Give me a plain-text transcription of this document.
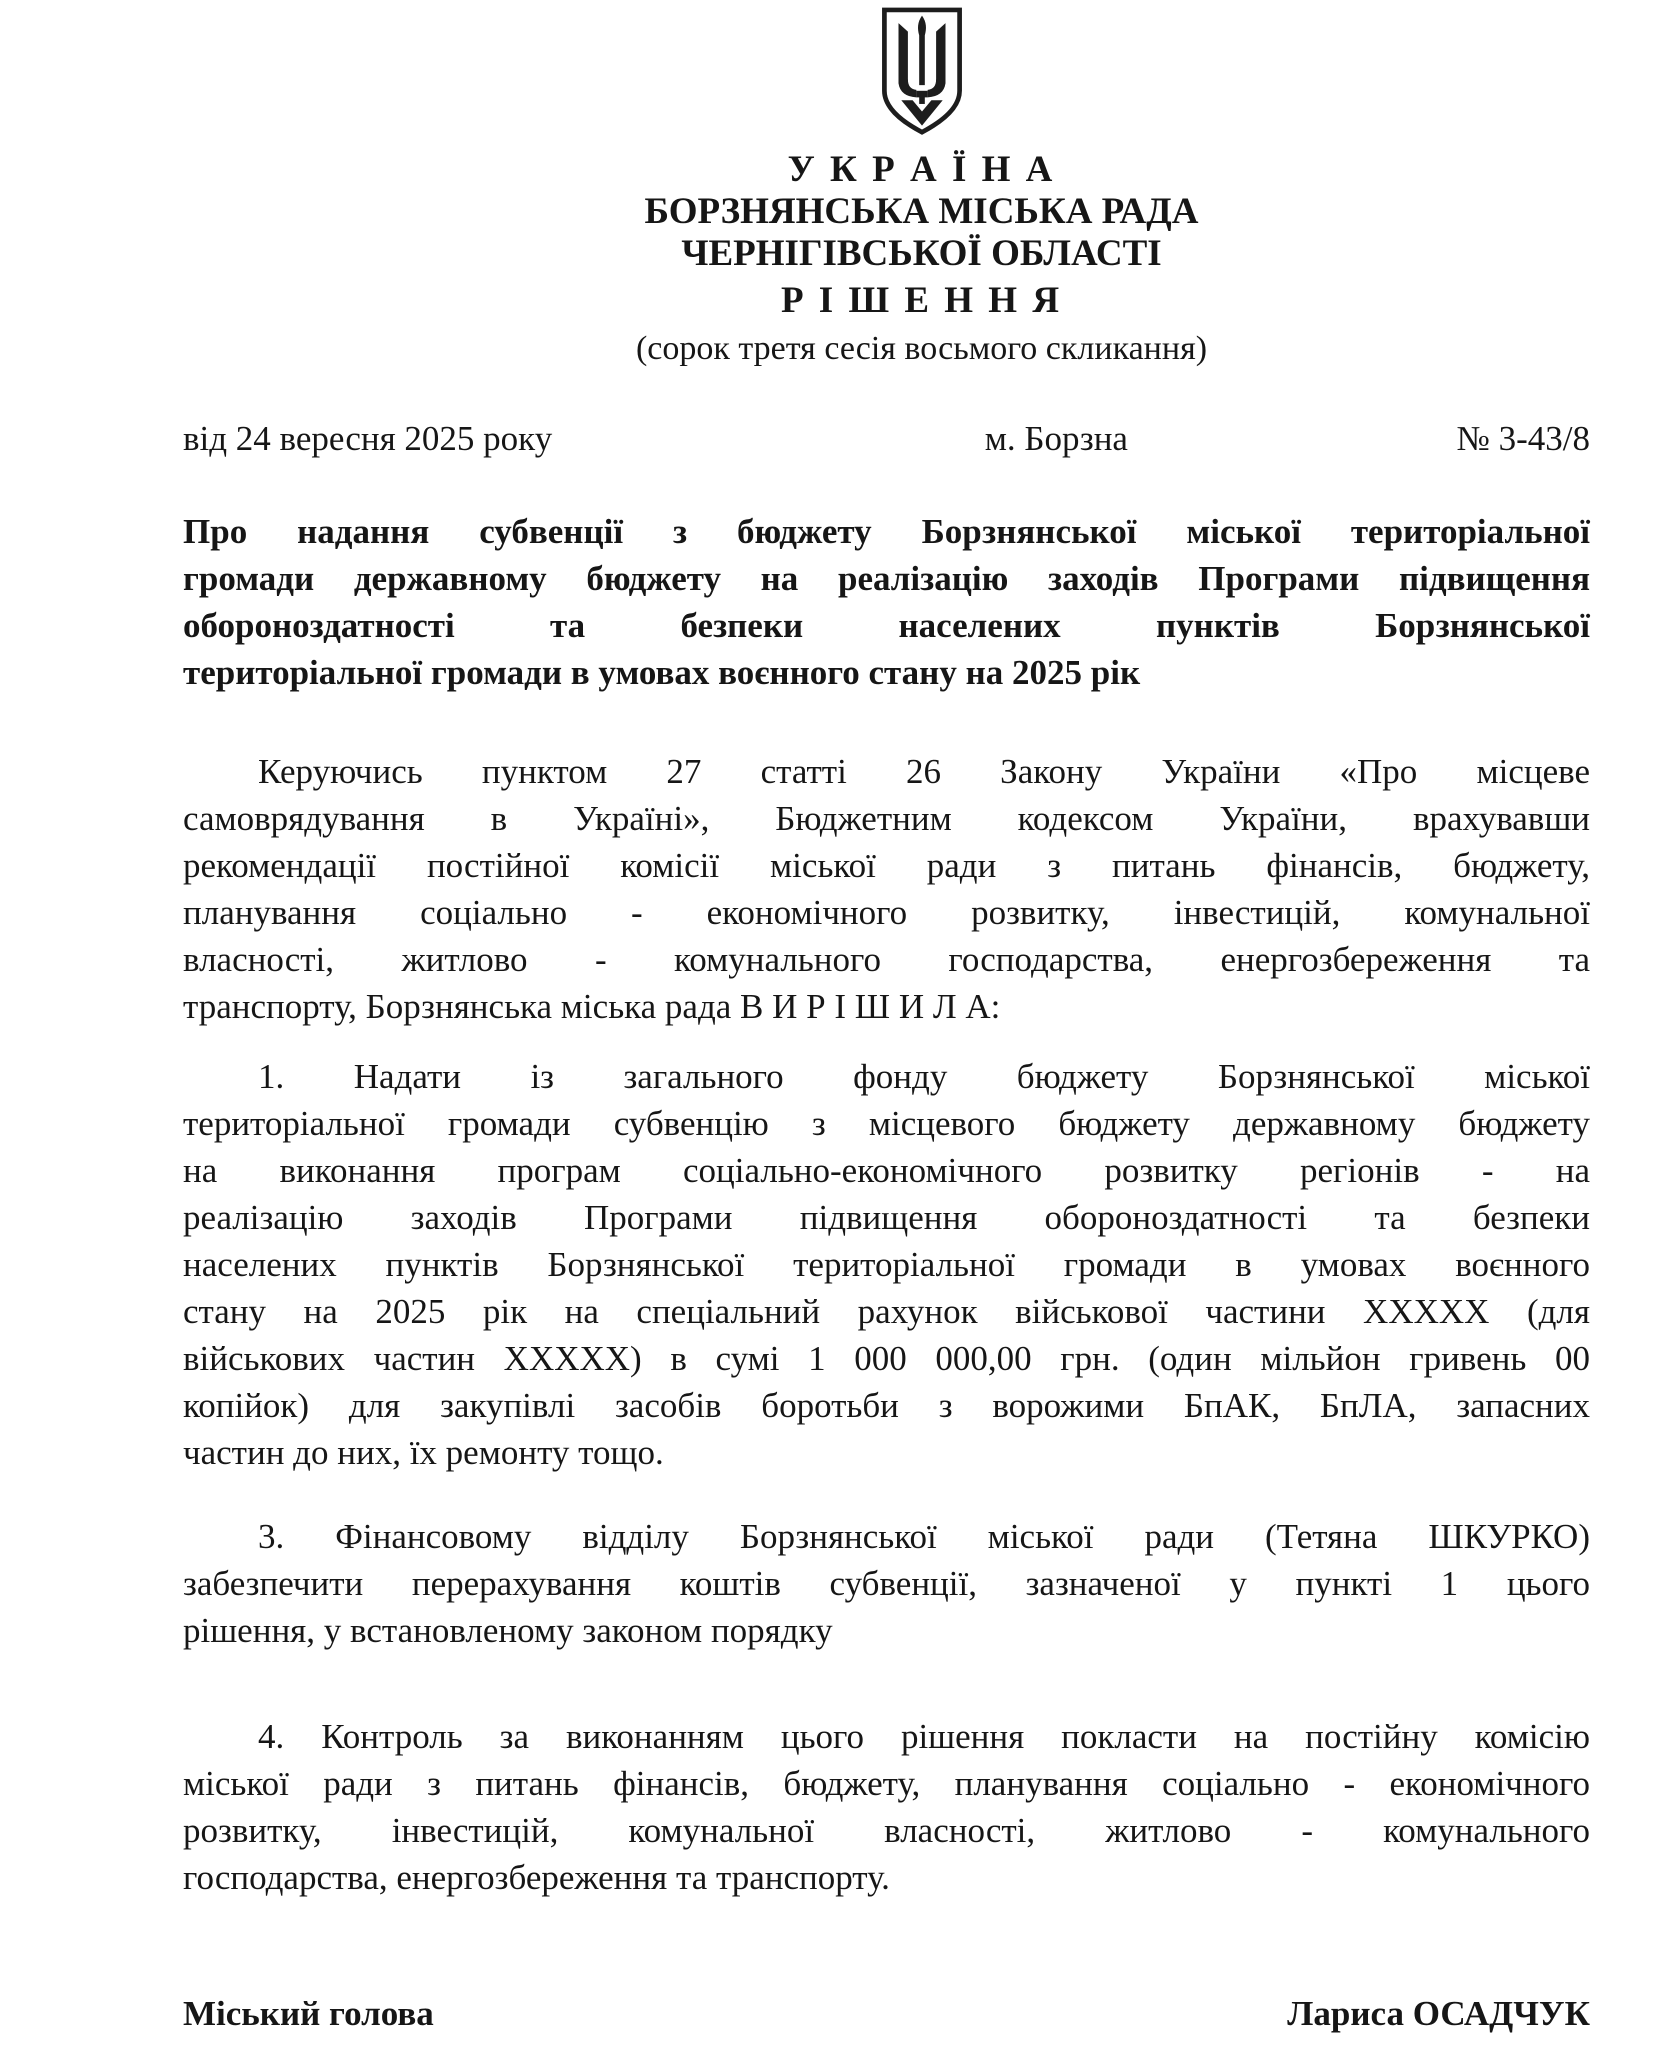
У К Р А Ї Н А
БОРЗНЯНСЬКА МІСЬКА РАДА
ЧЕРНІГІВСЬКОЇ ОБЛАСТІ
Р І Ш Е Н Н Я
(сорок третя сесія восьмого скликання)
від 24 вересня 2025 року	м. Борзна	№ 3-43/8
Про надання субвенції з бюджету Борзнянської міської територіальної
громади державному бюджету на реалізацію заходів Програми підвищення
обороноздатності та безпеки населених пунктів Борзнянської
територіальної громади в умовах воєнного стану на 2025 рік
Керуючись пунктом 27 статті 26 Закону України «Про місцеве
самоврядування в Україні», Бюджетним кодексом України, врахувавши
рекомендації постійної комісії міської ради з питань фінансів, бюджету,
планування соціально - економічного розвитку, інвестицій, комунальної
власності, житлово - комунального господарства, енергозбереження та
транспорту, Борзнянська міська рада В И Р І Ш И Л А:
1. Надати із загального фонду бюджету Борзнянської міської
територіальної громади субвенцію з місцевого бюджету державному бюджету
на виконання програм соціально-економічного розвитку регіонів - на
реалізацію заходів Програми підвищення обороноздатності та безпеки
населених пунктів Борзнянської територіальної громади в умовах воєнного
стану на 2025 рік на спеціальний рахунок військової частини ХХХХХ (для
військових частин ХХХХХ) в сумі 1 000 000,00 грн. (один мільйон гривень 00
копійок) для закупівлі засобів боротьби з ворожими БпАК, БпЛА, запасних
частин до них, їх ремонту тощо.
3. Фінансовому відділу Борзнянської міської ради (Тетяна ШКУРКО)
забезпечити перерахування коштів субвенції, зазначеної у пункті 1 цього
рішення, у встановленому законом порядку
4. Контроль за виконанням цього рішення покласти на постійну комісію
міської ради з питань фінансів, бюджету, планування соціально - економічного
розвитку, інвестицій, комунальної власності, житлово - комунального
господарства, енергозбереження та транспорту.
Міський голова	Лариса ОСАДЧУК
